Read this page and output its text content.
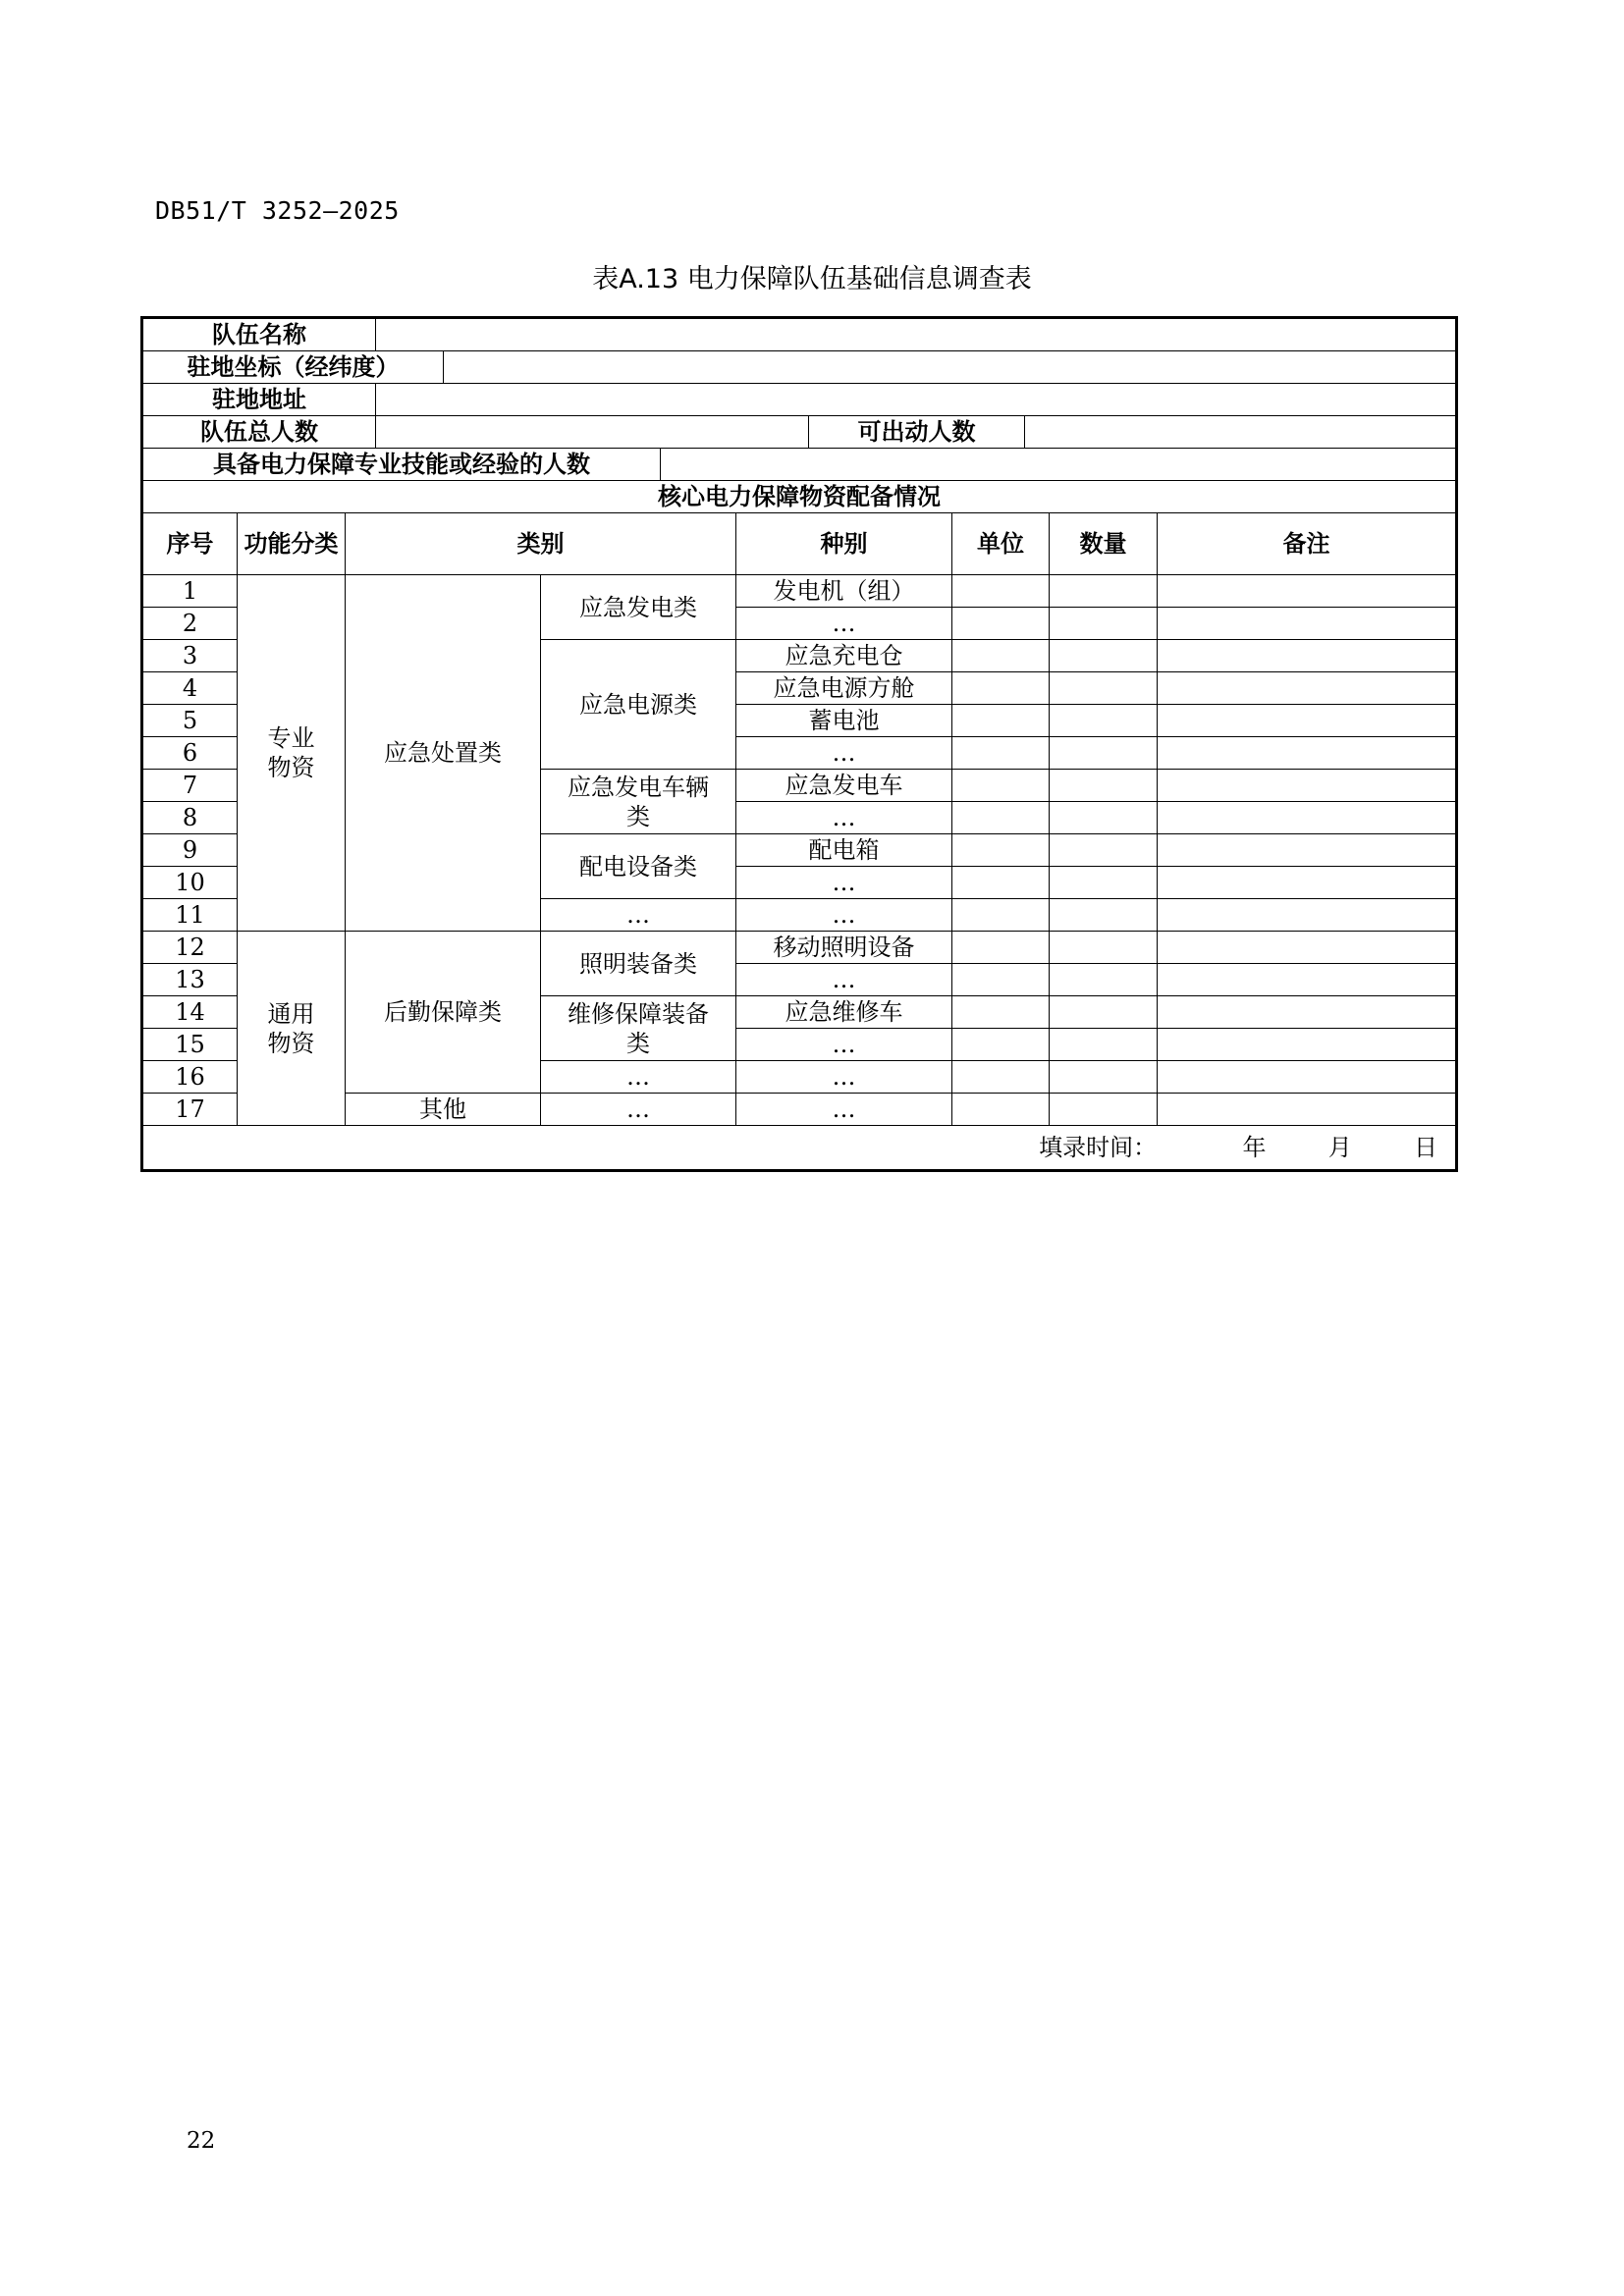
DB51/T 3252—2025
表A.13 电力保障队伍基础信息调查表
队伍名称							

驻地坐标（经纬度）							

驻地地址							

队伍总人数 可出动人数							

具备电力保障专业技能或经验的人数							

核心电力保障物资配备情况							
序号	功能分类	类别		种别	单位	数量	备注
1	专业物资	应急处置类	应急发电类	发电机（组）			
2				…			
3			应急电源类	应急充电仓			
4				应急电源方舱			
5				蓄电池			
6				…			
7			应急发电车辆类	应急发电车			
8				…			
9			配电设备类	配电箱			
10				…			
11			…	…			
12	通用物资	后勤保障类	照明装备类	移动照明设备			
13				…			
14			维修保障装备类	应急维修车			
15				…			
16			…	…			
17		其他	…	…			
填录时间： 年 月 日							
22
